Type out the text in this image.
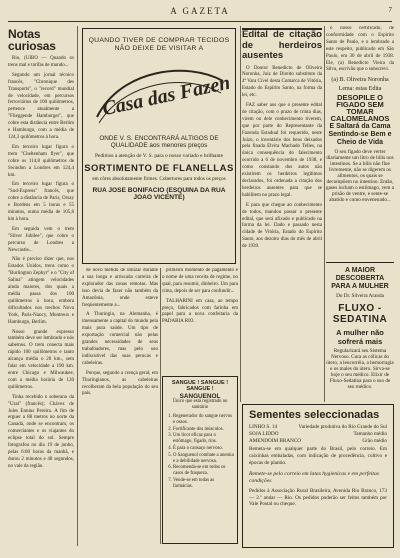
A GAZETA	7
Notas curiosas

Rio, (UIBO — Quando os trens mal e tarifas de mundo...

Segundo um jornal técnico francês, "Chronique des Transports", o "record" mundial de velocidade, em percursos ferroviários de 100 quilômetros, pertence atualmente a "Flieggende Hamburger", que cobre esta distância entre Berlim e Hamburgo, com a média de 124,3 quilômetros à hora.

Em terceiro lugar figura o trem "Cheltenham flyer", que cobre os 114,8 quilômetros de Swindon a Londres em 124,4 km.

Em terceiro lugar figura o "Sud-Express" francês, que cobre a distância de Paris, Orsay e Bordéus em 5 horas e 55 minutos, numa média de 105,8 km à hora.

Em seguida vem o trem "Silver Jubilee", que cobre o percurso de Londres a Newcastle...

Não é preciso dizer que, nos Estados Unidos, trens como o "Burlington Zephyr" e o "City of Salina" atingem velocidades ainda maiores, dos quais a média passa dos 100 quilômetros à hora, embora dificultados nos trechos Nova York, Paris-Nancy, Montreux e Hamburgo, Berlim.

Nosso grande expresso também deve ser lembrado e nós sabemos. O trem conecta mais rápido 100 quilômetros e tanto alcança média o 20 km., sem falar em velocidade a 190 km. entre Chicago e Milwaukee, com a média horária de 120 quilômetros.

Tinha recebido o soberano da "Ural" (francês); Chávez de Jules Ennius Pereira. A fim de erguer a 88 metros no norte da Canadá, onde se encontram, os comerciantes e os viajantes do eclipse total do sol. Sempre fotografou no dia 19 de junho, pelas 6:00 horas da manhã, e durou 2 minutos e 48 segundos, no vale da região.

QUANDO TIVER DE COMPRAR TECIDOS NÃO DEIXE DE VISITAR A
Casa das Fazendas
ONDE V. S. ENCONTRARÁ ALTIGOS DE QUALIDADE aos menores preços
Pedimos a atenção de V. S. para o nosso variado e brilhante
SORTIMENTO DE FLANELLAS
em côres absolutamente firmes. Cobertores para todos os preços
RUA JOSE BONIFACIO (ESQUINA DA RUA JOAO VICENTE)

de novo métido de utilizar durante a sua longa e arriscada carreira de explorador das zonas remotas. Mas isso devia de fazer não também da Amazônia, onde esteve freqüentemente a...

A Thuringia, na Alemanha, é imensamente a capital do mundo pela mais pura saúde. Um tipo de exportação comercial não pelas grandes necessidades de seus trabalhadores, mas pelo uso indiscutível das suas perucas e cabeleiras.

Porque, segundo a crença geral, em Thuringianos, as cabeleiras recolheram da bela população do seu país.

primeiro momento de pagamento e o nome de uma receita de regime, no qual, para resumir, dinheiro. Um para cima, depois de ser para confundir...

TALHARINI em casa, ao tempo preço, fabricados com farinha em papel para a nova confeitaria da PADARIA RIO.

SANGUE ! SANGUE ! SANGUE !
SANGUENOL
Único que está registrado no sanitário
1. Regenerador do sangue nervos e ossos.
2. Fortificante dos músculos.
3. Um licor eficaz para o estômago, fígado, rins.
4. É para o cansaço nervoso.
5. O Sanguenol combate a anemia e a debilidade nervosa.
6. Recomenda-se em todos os casos de fraqueza.
7. Vende-se em todas as farmácias.
Edital de citação de herdeiros ausentes

O Doutor Benedicto de Oliveira Noronha, Juiz de Direito substituto da 4ª Vara Cível desta Comarca de Vitória, Estado do Espírito Santo, na forma da lei, etc.

FAZ saber aos que o presente edital de citação, com o prazo de trinta dias, virem ou dele conhecimento tiverem, que por parte do Representante da Fazenda Estadual foi requerido, neste Juízo, o inventário dos bens deixados pela finada Elvira Machado Telles, na única consequência do falecimento ocorrido a 6 de novembro de 1938, e como constando dos autos não existirem os herdeiros legítimos declarados, foi ordenada a citação dos herdeiros ausentes para que se habilitem no prazo legal.

E para que chegue ao conhecimento de todos, mandou passar o presente edital, que será afixado e publicado na forma da lei. Dado e passado nesta cidade de Vitória, Estado do Espírito Santo, aos dezoito dias do mês de abril de 1939.

o nosso certificado, de conformidade com o Espirito Santo de Paulo, e o lembrado a este respeito, publicado em São Paulo, em 30 de abril de 1938. Ele, (a) Benedicto Vieira da Silva, escrivão que o subscrevi.

(a) B. Oliveira Noronha
Lema: estas Edita
DESOPILE O FIGADO SEM TOMAR CALOMELANOS
E Saltará da Cama Sentindo-se Bem e Cheio de Vida
O seu fígado deve verter diariamente um litro de bílis nos intestinos. Se a bílis não flue livremente, não se digerem os alimentos, os quais se decompõem no intestino. Então, gases incham o estômago, vem a prisão de ventre, e sente-se abatido e como envenenado...
A MAIOR DESCOBERTA PARA A MULHER
Do Dr. Silveira Aranda
FLUXO - SEDATINA
A mulher não sofrerá mais
Regularizará seu Sistema Nervoso. Cura as cólicas do útero, a leucorréia, a hemorragia e os males do útero. Sirva-se hoje o seu médico. Elixir de Fluxo-Sedatina para o uso de seu médico.
Sementes seleccionadas
LINHO S. 14	Variedade produtiva do Rio Grande do Sul
SOJA LIDDO	Tamanho médio
AMENDOIM BRANCO	Grão médio
Remeta-se em qualquer parte do Brasil, pelo correio. Em caixinhas embaladas, com indicação de procedência, cultivo e épocas de plantio.
Remete-se pelo correio em latas hygienicas e em perfeitas condições
Pedidos à Associação Rural Brasileira, Avenida Rio Branco, 173 — 2.º andar — Rio. Os pedidos poderão ser feitos também por Vale Postal ou cheque.
